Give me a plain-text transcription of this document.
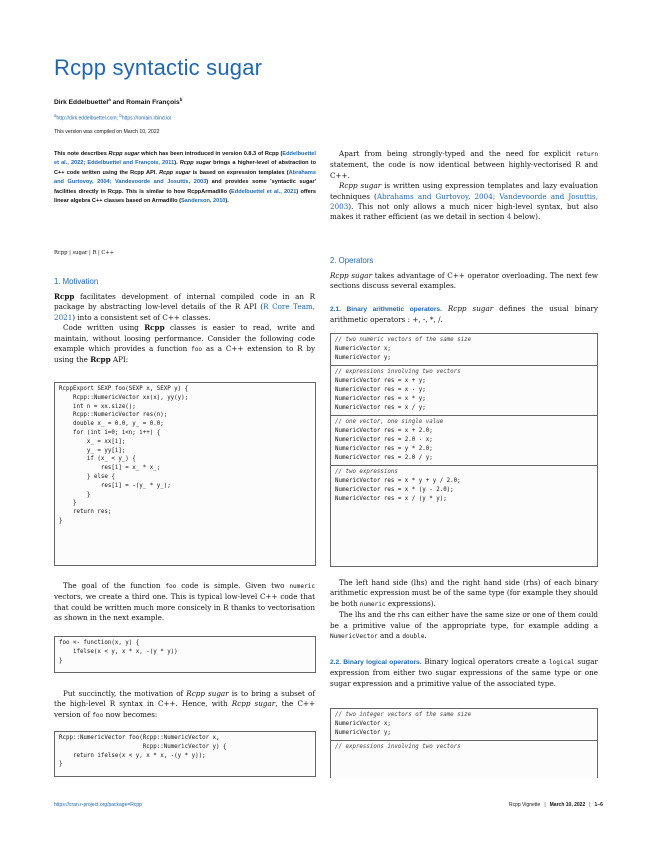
Rcpp syntactic sugar
Dirk Eddelbuettel$^a$ and Romain François$^b$
$^a$http://dirk.eddelbuettel.com; $^b$https://romain.rbind.io/
This version was compiled on March 10, 2022
This note describes Rcpp sugar which has been introduced in version 0.8.3 of Rcpp (Eddelbuettel et al., 2022; Eddelbuettel and François, 2011). Rcpp sugar brings a higher-level of abstraction to C++ code written using the Rcpp API. Rcpp sugar is based on expression templates (Abrahams and Gurtovoy, 2004; Vandevoorde and Josuttis, 2003) and provides some 'syntactic sugar' facilities directly in Rcpp. This is similar to how RcppArmadillo (Eddelbuettel et al., 2021) offers linear algebra C++ classes based on Armadillo (Sanderson, 2010).
Rcpp | sugar | R | C++
1. Motivation

Rcpp facilitates development of internal compiled code in an R package by abstracting low-level details of the R API (R Core Team, 2021) into a consistent set of C++ classes.

Code written using Rcpp classes is easier to read, write and maintain, without loosing performance. Consider the following code example which provides a function foo as a C++ extension to R by using the Rcpp API:

RcppExport SEXP foo(SEXP x, SEXP y) {
Rcpp::NumericVector xx(x), yy(y);
int n = xx.size();
Rcpp::NumericVector res(n);
double x_ = 0.0, y_ = 0.0;
for (int i=0; i<n; i++) {
x_ = xx[i];
y_ = yy[i];
if (x_ < y_) {
res[i] = x_ * x_;
} else {
res[i] = -(y_ * y_);
}
}
return res;
}

The goal of the function foo code is simple. Given two numeric vectors, we create a third one. This is typical low-level C++ code that that could be written much more consicely in R thanks to vectorisation as shown in the next example.

foo <- function(x, y) {
ifelse(x < y, x * x, -(y * y))
}

Put succinctly, the motivation of Rcpp sugar is to bring a subset of the high-level R syntax in C++. Hence, with Rcpp sugar, the C++ version of foo now becomes:

Rcpp::NumericVector foo(Rcpp::NumericVector x,
Rcpp::NumericVector y) {
return ifelse(x < y, x * x, -(y * y));
}

Apart from being strongly-typed and the need for explicit return statement, the code is now identical between highly-vectorised R and C++.

Rcpp sugar is written using expression templates and lazy evaluation techniques (Abrahams and Gurtovoy, 2004; Vandevoorde and Josuttis, 2003). This not only allows a much nicer high-level syntax, but also makes it rather efficient (as we detail in section 4 below).

2. Operators

Rcpp sugar takes advantage of C++ operator overloading. The next few sections discuss several examples.

2.1. Binary arithmetic operators. Rcpp sugar defines the usual binary arithmetic operators : +, -, *, /.

// two numeric vectors of the same size
NumericVector x;
NumericVector y;
// expressions involving two vectors
NumericVector res = x + y;
NumericVector res = x - y;
NumericVector res = x * y;
NumericVector res = x / y;
// one vector, one single value
NumericVector res = x + 2.0;
NumericVector res = 2.0 - x;
NumericVector res = y * 2.0;
NumericVector res = 2.0 / y;
// two expressions
NumericVector res = x * y + y / 2.0;
NumericVector res = x * (y - 2.0);
NumericVector res = x / (y * y);

The left hand side (lhs) and the right hand side (rhs) of each binary arithmetic expression must be of the same type (for example they should be both numeric expressions).

The lhs and the rhs can either have the same size or one of them could be a primitive value of the appropriate type, for example adding a NumericVector and a double.

2.2. Binary logical operators. Binary logical operators create a logical sugar expression from either two sugar expressions of the same type or one sugar expression and a primitive value of the associated type.

// two integer vectors of the same size
NumericVector x;
NumericVector y;
// expressions involving two vectors
https://cran.r-project.org/package=Rcpp	Rcpp Vignette | March 10, 2022 | 1–6
